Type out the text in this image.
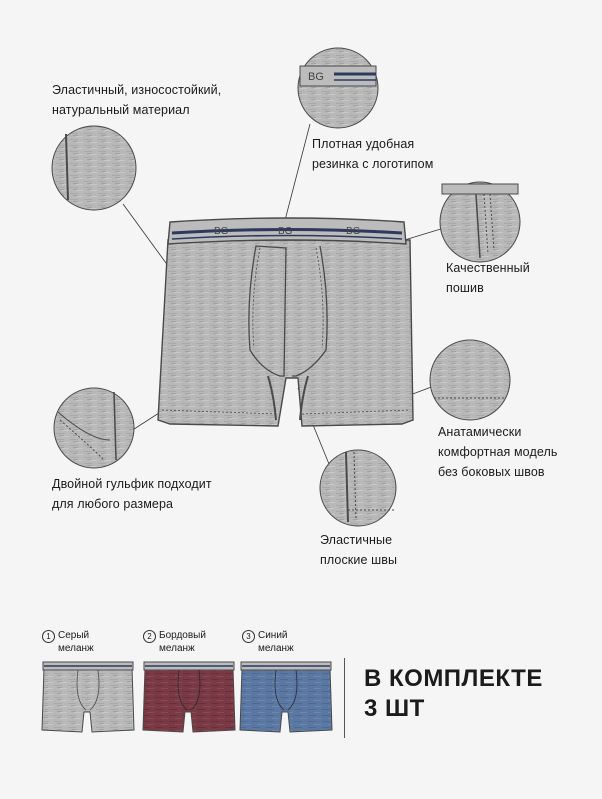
BG	BG	BG
BG
Эластичный, износостойкий,
натуральный материал
Плотная удобная
резинка с логотипом
Качественный
пошив
Двойной гульфик подходит
для любого размера
Анатамически
комфортная модель
без боковых швов
Эластичные
плоские швы
1 Серый
меланж
2 Бордовый
меланж
3 Синий
меланж
В КОМПЛЕКТЕ
3 ШТ
